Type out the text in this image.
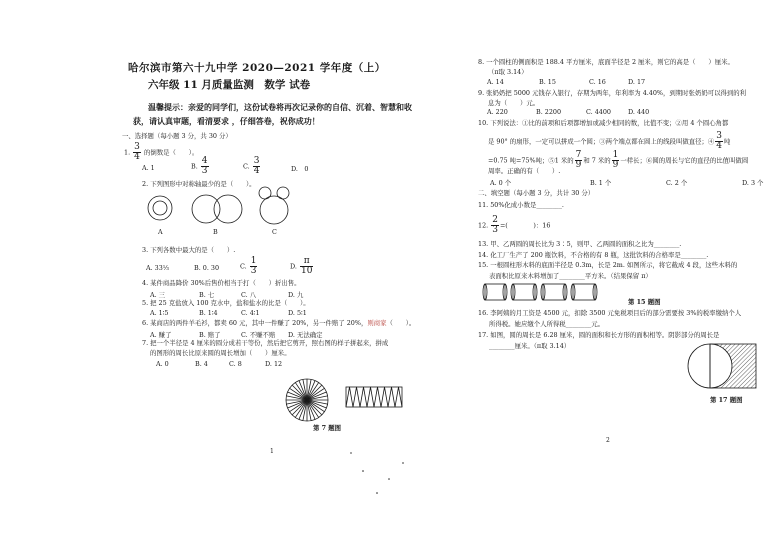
哈尔滨市第六十九中学 2020—2021 学年度（上）
六年级 11 月质量监测　数学 试卷
温馨提示：亲爱的同学们，这份试卷将再次记录你的自信、沉着、智慧和收
获，请认真审题，看清要求 ，仔细答卷，祝你成功！
一、选择题（每小题 3 分，共 30 分）
1. $\frac{3}{4}$ 的倒数是（　　）。
A. 1	B. $\frac{4}{3}$	C. $\frac{3}{4}$	D.　0
2. 下列图形中对称轴最少的是（　　）。
A	B	C
3. 下列各数中最大的是（　　）.
A. 33⅓	B. 0. 30	C. $\frac{1}{3}$	D. $\frac{\pi}{10}$
4. 某件商品降价 30%后售价相当于打（　　）折出售。
A. 三	B. 七	C. 八	D. 九
5. 把 25 克盐放入 100 克水中，盐和盐水的比是（　　）。
A. 1∶5	B. 1∶4	C. 4∶1	D. 5∶1
6. 某商店的两件羊毛衫，都卖 60 元，其中一件赚了 20%，另一件赔了 20%，则商家（　　）。
A. 赚了	B. 赔了	C. 不赚不赔 D. 无法确定
7. 把一个半径是 4 厘米的圆分成若干等份，然后把它剪开，照右图的样子拼起来，拼成
的图形的周长比原来圆的周长增加（　　）厘米。
A. 0	B. 4	C. 8	D. 12
第 7 题图
1
8. 一个圆柱的侧面积是 188.4 平方厘米，底面半径是 2 厘米，则它的高是（　　）厘米。
（π取 3.14）
A. 14	B. 15	C. 16	D. 17
9. 张奶奶把 5000 元钱存入银行，存期为两年，年利率为 4.40%，到期时张奶奶可以得到的利
息为（　　）元。
A. 220	B. 2200	C. 4400	D. 440
10. 下列说法：①比的前项和后项都增加或减少相同的数，比值不变；②用 4 个圆心角都
是 90° 的扇形，一定可以拼成一个圆；③两个端点都在圆上的线段叫做直径；④ $\frac{3}{4}$ 吨
=0.75 吨=75%吨；⑤1 米的 $\frac{7}{9}$ 和 7 米的 $\frac{1}{9}$ 一样长；⑥圆的周长与它的直径的比值叫做圆
周率。正确的有（　　）.
A. 0 个	B. 1 个	C. 2 个	D. 3 个
二、填空题（每小题 3 分，共计 30 分）
11. 50%化成小数是________.
12. $\frac{2}{3}$ =(　　　　)：16
13. 甲、乙两圆的周长比为 3∶5，则甲、乙两圆的面积之比为________.
14. 化工厂生产了 200 瓶饮料，不合格的有 8 瓶，这批饮料的合格率是________.
15. 一根圆柱形木料的底面半径是 0.3m，长是 2m. 如图所示，将它截成 4 段，这些木料的
表面积比原来木料增加了________平方米。（结果保留 π）
第 15 题图
16. 李阿姨的月工资是 4500 元，扣除 3500 元免税项目后的部分需要按 3%的税率缴纳个人
所得税。她应缴个人所得税________元。
17. 如图，圆的周长是 6.28 厘米，圆的面积和长方形的面积相等。阴影部分的周长是
________厘米。（π取 3.14）
第 17 题图
2
